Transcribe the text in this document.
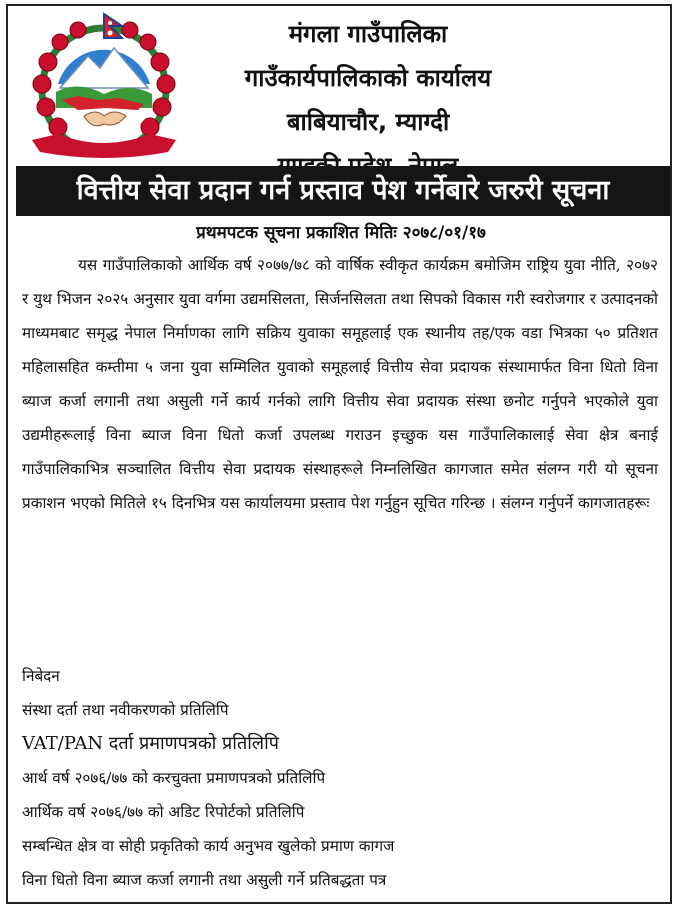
मंगला गाउँपालिका
गाउँकार्यपालिकाको कार्यालय
बाबियाचौर, म्याग्दी
वित्तीय सेवा प्रदान गर्न प्रस्ताव पेश गर्नेबारे जरुरी सूचना
प्रथमपटक सूचना प्रकाशित मितिः २०७८/०१/१७

यस गाउँपालिकाको आर्थिक वर्ष २०७७/७८ को वार्षिक स्वीकृत कार्यक्रम बमोजिम राष्ट्रिय युवा नीति, २०७२ र युथ भिजन २०२५ अनुसार युवा वर्गमा उद्यमसिलता, सिर्जनसिलता तथा सिपको विकास गरी स्वरोजगार र उत्पादनको माध्यमबाट समृद्ध नेपाल निर्माणका लागि सक्रिय युवाका समूहलाई एक स्थानीय तह/एक वडा भित्रका ५० प्रतिशत महिलासहित कम्तीमा ५ जना युवा सम्मिलित युवाको समूहलाई वित्तीय सेवा प्रदायक संस्थामार्फत विना धितो विना ब्याज कर्जा लगानी तथा असुली गर्ने कार्य गर्नको लागि वित्तीय सेवा प्रदायक संस्था छनोट गर्नुपने भएकोले युवा उद्यमीहरूलाई विना ब्याज विना धितो कर्जा उपलब्ध गराउन इच्छुक यस गाउँपालिकालाई सेवा क्षेत्र बनाई गाउँपालिकाभित्र सञ्चालित वित्तीय सेवा प्रदायक संस्थाहरूले निम्नलिखित कागजात समेत संलग्न गरी यो सूचना प्रकाशन भएको मितिले १५ दिनभित्र यस कार्यालयमा प्रस्ताव पेश गर्नुहुन सूचित गरिन्छ । संलग्न गर्नुपर्ने कागजातहरूः

निबेदन
संस्था दर्ता तथा नवीकरणको प्रतिलिपि
VAT/PAN दर्ता प्रमाणपत्रको प्रतिलिपि
आर्थ वर्ष २०७६/७७ को करचुक्ता प्रमाणपत्रको प्रतिलिपि
आर्थिक वर्ष २०७६/७७ को अडिट रिपोर्टको प्रतिलिपि
सम्बन्धित क्षेत्र वा सोही प्रकृतिको कार्य अनुभव खुलेको प्रमाण कागज
विना धितो विना ब्याज कर्जा लगानी तथा असुली गर्ने प्रतिबद्धता पत्र
